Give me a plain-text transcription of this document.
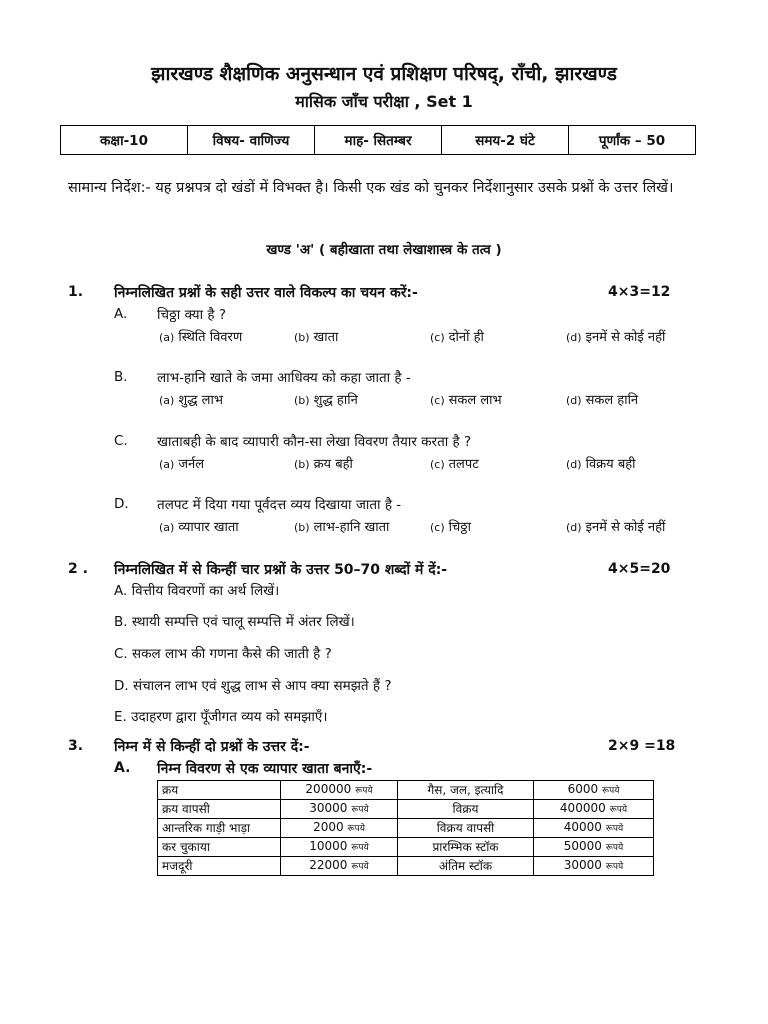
झारखण्ड शैक्षणिक अनुसन्धान एवं प्रशिक्षण परिषद्, राँची, झारखण्ड
मासिक जाँच परीक्षा , Set 1
कक्षा-10	विषय- वाणिज्य	माह- सितम्बर	समय-2 घंटे	पूर्णांक – 50
सामान्य निर्देश:- यह प्रश्नपत्र दो खंडों में विभक्त है। किसी एक खंड को चुनकर निर्देशानुसार उसके प्रश्नों के उत्तर लिखें।
खण्ड 'अ' ( बहीखाता तथा लेखाशास्त्र के तत्व )
1. निम्नलिखित प्रश्नों के सही उत्तर वाले विकल्प का चयन करें:-	4×3=12
A. चिठ्ठा क्या है ?
(a) स्थिति विवरण	(b) खाता	(c) दोनों ही	(d) इनमें से कोई नहीं
B. लाभ-हानि खाते के जमा आधिक्य को कहा जाता है -
(a) शुद्ध लाभ	(b) शुद्ध हानि	(c) सकल लाभ	(d) सकल हानि
C. खाताबही के बाद व्यापारी कौन-सा लेखा विवरण तैयार करता है ?
(a) जर्नल	(b) क्रय बही	(c) तलपट	(d) विक्रय बही
D. तलपट में दिया गया पूर्वदत्त व्यय दिखाया जाता है -
(a) व्यापार खाता	(b) लाभ-हानि खाता	(c) चिठ्ठा	(d) इनमें से कोई नहीं
2 . निम्नलिखित में से किन्हीं चार प्रश्नों के उत्तर 50–70 शब्दों में दें:-	4×5=20
A. वित्तीय विवरणों का अर्थ लिखें।
B. स्थायी सम्पत्ति एवं चालू सम्पत्ति में अंतर लिखें।
C. सकल लाभ की गणना कैसे की जाती है ?
D. संचालन लाभ एवं शुद्ध लाभ से आप क्या समझते हैं ?
E. उदाहरण द्वारा पूँजीगत व्यय को समझाएँ।
3. निम्न में से किन्हीं दो प्रश्नों के उत्तर दें:-	2×9 =18
A. निम्न विवरण से एक व्यापार खाता बनाएँ:-
क्रय	200000 रूपये	गैस, जल, इत्यादि	6000 रूपये
क्रय वापसी	30000 रूपये	विक्रय	400000 रूपये
आन्तरिक गाड़ी भाड़ा	2000 रूपये	विक्रय वापसी	40000 रूपये
कर चुकाया	10000 रूपये	प्रारम्भिक स्टॉक	50000 रूपये
मजदूरी	22000 रूपये	अंतिम स्टॉक	30000 रूपये
